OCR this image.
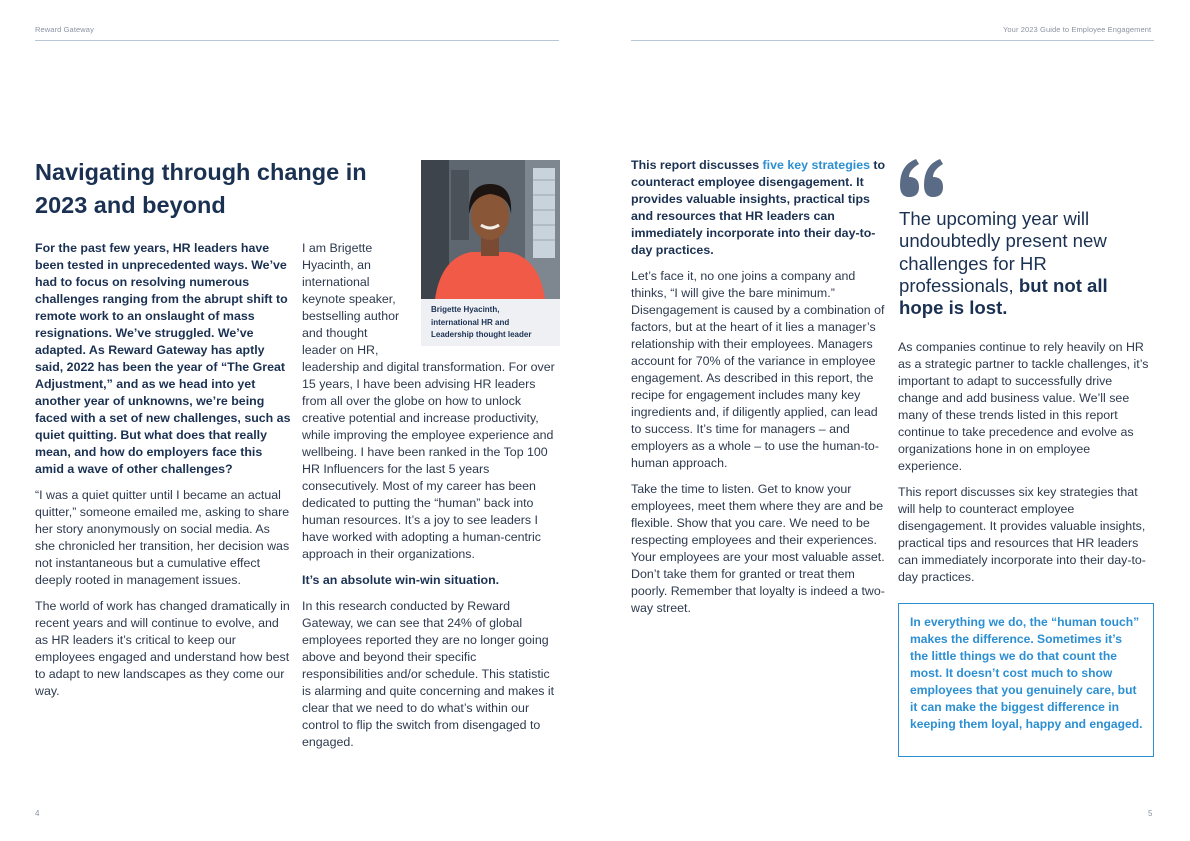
Reward Gateway	Your 2023 Guide to Employee Engagement
Navigating through change in 2023 and beyond

For the past few years, HR leaders have been tested in unprecedented ways. We’ve had to focus on resolving numerous challenges ranging from the abrupt shift to remote work to an onslaught of mass resignations. We’ve struggled. We’ve adapted. As Reward Gateway has aptly said, 2022 has been the year of “The Great Adjustment,” and as we head into yet another year of unknowns, we’re being faced with a set of new challenges, such as quiet quitting. But what does that really mean, and how do employers face this amid a wave of other challenges?

“I was a quiet quitter until I became an actual quitter,” someone emailed me, asking to share her story anonymously on social media. As she chronicled her transition, her decision was not instantaneous but a cumulative effect deeply rooted in management issues.

The world of work has changed dramatically in recent years and will continue to evolve, and as HR leaders it’s critical to keep our employees engaged and understand how best to adapt to new landscapes as they come our way.

I am Brigette
Hyacinth, an
international
keynote speaker,
bestselling author
and thought
leader on HR,

leadership and digital transformation. For over 15 years, I have been advising HR leaders from all over the globe on how to unlock creative potential and increase productivity, while improving the employee experience and wellbeing. I have been ranked in the Top 100 HR Influencers for the last 5 years consecutively. Most of my career has been dedicated to putting the “human” back into human resources. It’s a joy to see leaders I have worked with adopting a human-centric approach in their organizations.

It’s an absolute win-win situation.

In this research conducted by Reward Gateway, we can see that 24% of global employees reported they are no longer going above and beyond their specific responsibilities and/or schedule. This statistic is alarming and quite concerning and makes it clear that we need to do what’s within our control to flip the switch from disengaged to engaged.

Brigette Hyacinth,
international HR and Leadership thought leader
4

This report discusses five key strategies to counteract employee disengagement. It provides valuable insights, practical tips and resources that HR leaders can immediately incorporate into their day-to-day practices.

Let’s face it, no one joins a company and thinks, “I will give the bare minimum.” Disengagement is caused by a combination of factors, but at the heart of it lies a manager’s relationship with their employees. Managers account for 70% of the variance in employee engagement. As described in this report, the recipe for engagement includes many key ingredients and, if diligently applied, can lead to success. It’s time for managers – and employers as a whole – to use the human-to-human approach.

Take the time to listen. Get to know your employees, meet them where they are and be flexible. Show that you care. We need to be respecting employees and their experiences. Your employees are your most valuable asset. Don’t take them for granted or treat them poorly. Remember that loyalty is indeed a two-way street.

The upcoming year will undoubtedly present new challenges for HR professionals, but not all hope is lost.

As companies continue to rely heavily on HR as a strategic partner to tackle challenges, it’s important to adapt to successfully drive change and add business value. We’ll see many of these trends listed in this report continue to take precedence and evolve as organizations hone in on employee experience.

This report discusses six key strategies that will help to counteract employee disengagement. It provides valuable insights, practical tips and resources that HR leaders can immediately incorporate into their day-to-day practices.

In everything we do, the “human touch” makes the difference. Sometimes it’s the little things we do that count the most. It doesn’t cost much to show employees that you genuinely care, but it can make the biggest difference in keeping them loyal, happy and engaged.
5
